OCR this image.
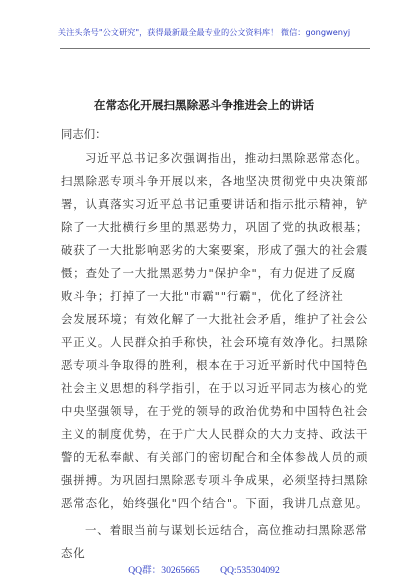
关注头条号"公文研究"，获得最新最全最专业的公文资料库！ 微信：gongwenyj
在常态化开展扫黑除恶斗争推进会上的讲话
同志们：
习近平总书记多次强调指出，推动扫黑除恶常态化。
扫黑除恶专项斗争开展以来，各地坚决贯彻党中央决策部
署，认真落实习近平总书记重要讲话和指示批示精神，铲
除了一大批横行乡里的黑恶势力，巩固了党的执政根基；
破获了一大批影响恶劣的大案要案，形成了强大的社会震
慑；查处了一大批黑恶势力"保护伞"，有力促进了反腐
败斗争；打掉了一大批"市霸""行霸"，优化了经济社
会发展环境；有效化解了一大批社会矛盾，维护了社会公
平正义。人民群众拍手称快，社会环境有效净化。扫黑除
恶专项斗争取得的胜利，根本在于习近平新时代中国特色
社会主义思想的科学指引，在于以习近平同志为核心的党
中央坚强领导，在于党的领导的政治优势和中国特色社会
主义的制度优势，在于广大人民群众的大力支持、政法干
警的无私奉献、有关部门的密切配合和全体参战人员的顽
强拼搏。为巩固扫黑除恶专项斗争成果，必须坚持扫黑除
恶常态化，始终强化"四个结合"。下面，我讲几点意见。
QQ群：30265665 QQ:535304092
一、着眼当前与谋划长远结合，高位推动扫黑除恶常
态化
